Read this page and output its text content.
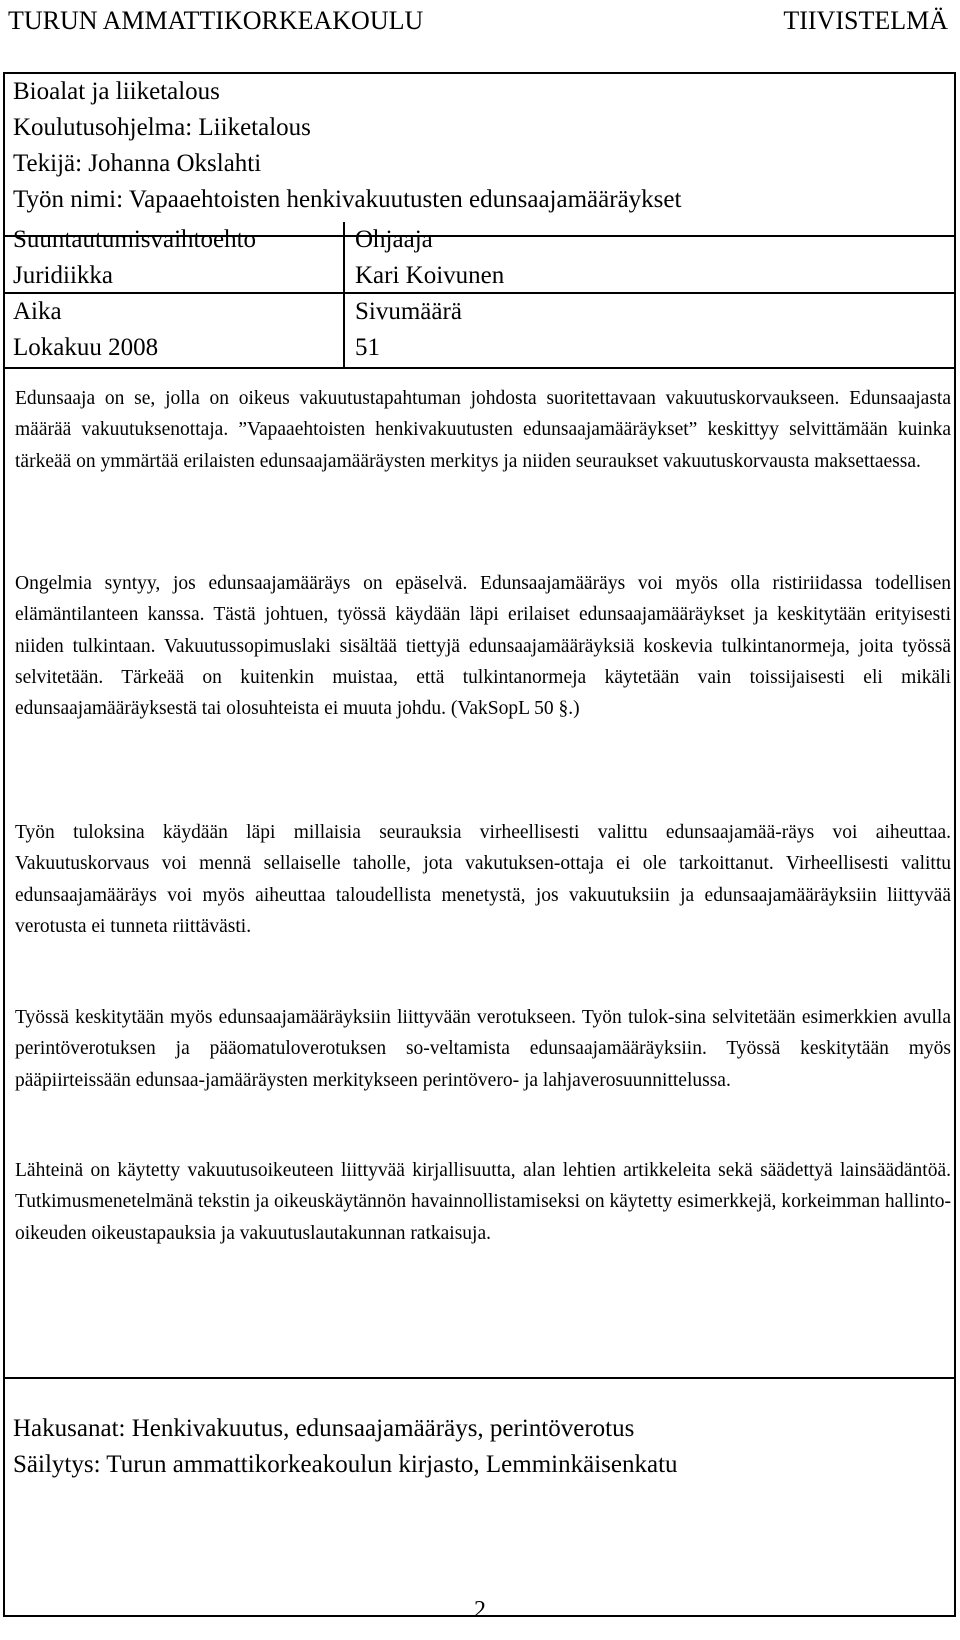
TURUN AMMATTIKORKEAKOULU	TIIVISTELMÄ
Bioalat ja liiketalous
Koulutusohjelma: Liiketalous
Tekijä: Johanna Okslahti
Työn nimi: Vapaaehtoisten henkivakuutusten edunsaajamääräykset
Suuntautumisvaihtoehto
Juridiikka
Ohjaaja
Kari Koivunen
Aika
Lokakuu 2008
Sivumäärä
51

Edunsaaja on se, jolla on oikeus vakuutustapahtuman johdosta suoritettavaan vakuutuskorvaukseen. Edunsaajasta määrää vakuutuksenottaja. ”Vapaaehtoisten henkivakuutusten edunsaajamääräykset” keskittyy selvittämään kuinka tärkeää on ymmärtää erilaisten edunsaajamääräysten merkitys ja niiden seuraukset vakuutuskorvausta maksettaessa.

Ongelmia syntyy, jos edunsaajamääräys on epäselvä. Edunsaajamääräys voi myös olla ristiriidassa todellisen elämäntilanteen kanssa. Tästä johtuen, työssä käydään läpi erilaiset edunsaajamääräykset ja keskitytään erityisesti niiden tulkintaan. Vakuutussopimuslaki sisältää tiettyjä edunsaajamääräyksiä koskevia tulkintanormeja, joita työssä selvitetään. Tärkeää on kuitenkin muistaa, että tulkintanormeja käytetään vain toissijaisesti eli mikäli edunsaajamääräyksestä tai olosuhteista ei muuta johdu. (VakSopL 50 §.)

Työn tuloksina käydään läpi millaisia seurauksia virheellisesti valittu edunsaajamää-räys voi aiheuttaa. Vakuutuskorvaus voi mennä sellaiselle taholle, jota vakutuksen-ottaja ei ole tarkoittanut. Virheellisesti valittu edunsaajamääräys voi myös aiheuttaa taloudellista menetystä, jos vakuutuksiin ja edunsaajamääräyksiin liittyvää verotusta ei tunneta riittävästi.

Työssä keskitytään myös edunsaajamääräyksiin liittyvään verotukseen. Työn tulok-sina selvitetään esimerkkien avulla perintöverotuksen ja pääomatuloverotuksen so-veltamista edunsaajamääräyksiin. Työssä keskitytään myös pääpiirteissään edunsaa-jamääräysten merkitykseen perintövero- ja lahjaverosuunnittelussa.

Lähteinä on käytetty vakuutusoikeuteen liittyvää kirjallisuutta, alan lehtien artikkeleita sekä säädettyä lainsäädäntöä. Tutkimusmenetelmänä tekstin ja oikeuskäytännön havainnollistamiseksi on käytetty esimerkkejä, korkeimman hallinto-oikeuden oikeustapauksia ja vakuutuslautakunnan ratkaisuja.

Hakusanat: Henkivakuutus, edunsaajamääräys, perintöverotus
Säilytys: Turun ammattikorkeakoulun kirjasto, Lemminkäisenkatu
2
